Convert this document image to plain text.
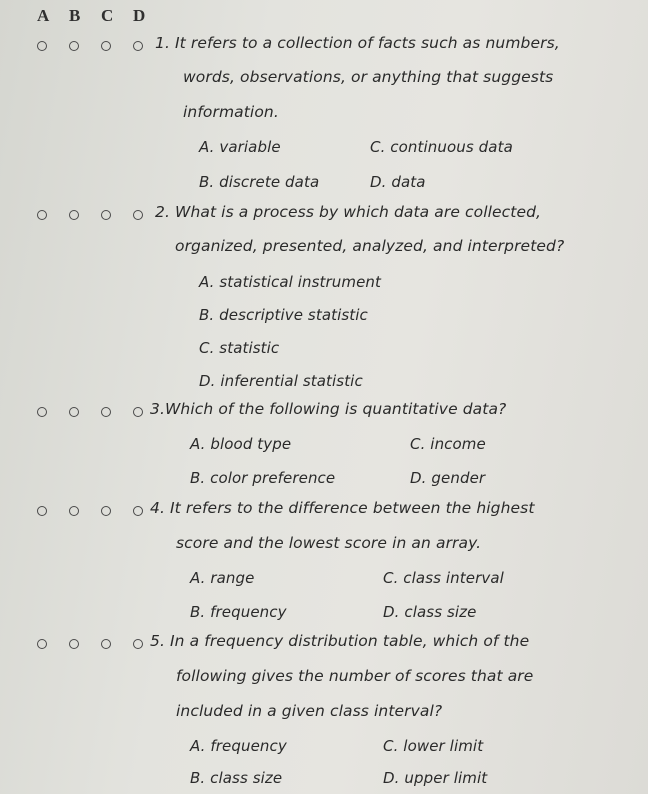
A B C D
1. It refers to a collection of facts such as numbers,
words, observations, or anything that suggests
information.
A. variable	C. continuous data
B. discrete data	D. data
2. What is a process by which data are collected,
organized, presented, analyzed, and interpreted?
A. statistical instrument
B. descriptive statistic
C. statistic
D. inferential statistic
3.Which of the following is quantitative data?
A. blood type	C. income
B. color preference	D. gender
4. It refers to the difference between the highest
score and the lowest score in an array.
A. range	C. class interval
B. frequency	D. class size
5. In a frequency distribution table, which of the
following gives the number of scores that are
included in a given class interval?
A. frequency	C. lower limit
B. class size	D. upper limit
